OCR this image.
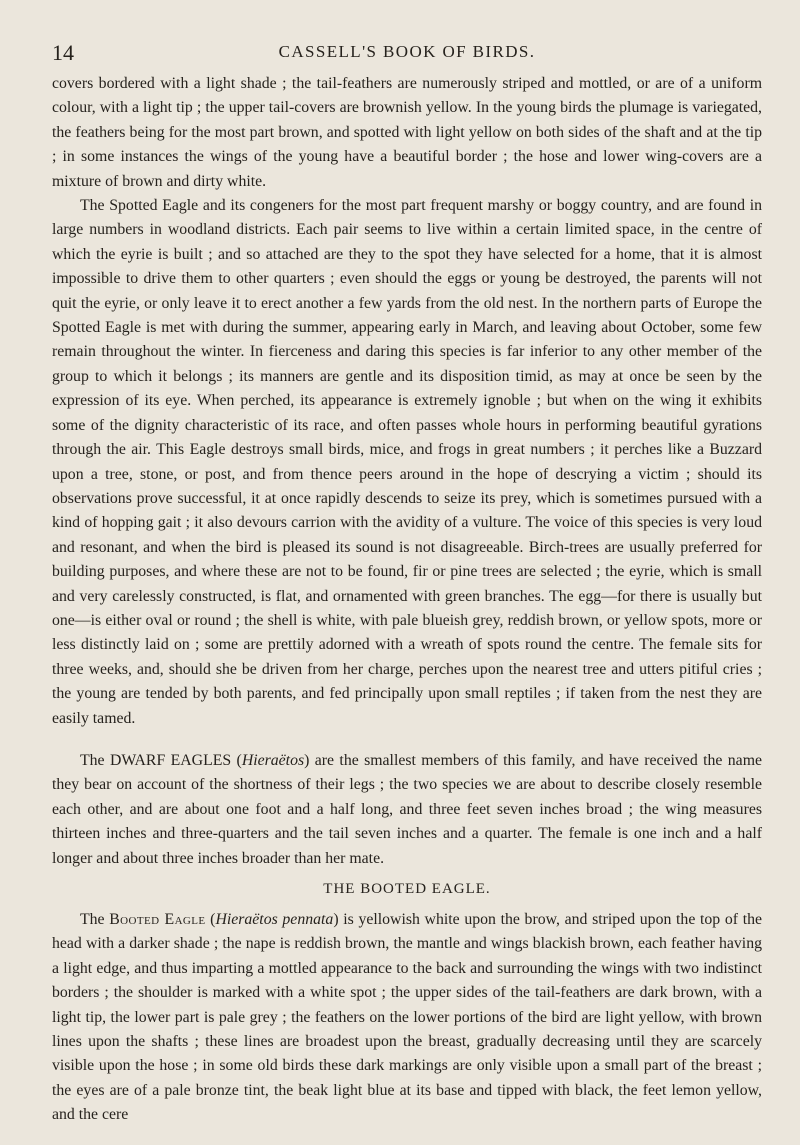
14	CASSELL'S BOOK OF BIRDS.

covers bordered with a light shade ; the tail-feathers are numerously striped and mottled, or are of a uniform colour, with a light tip ; the upper tail-covers are brownish yellow. In the young birds the plumage is variegated, the feathers being for the most part brown, and spotted with light yellow on both sides of the shaft and at the tip ; in some instances the wings of the young have a beautiful border ; the hose and lower wing-covers are a mixture of brown and dirty white.

The Spotted Eagle and its congeners for the most part frequent marshy or boggy country, and are found in large numbers in woodland districts. Each pair seems to live within a certain limited space, in the centre of which the eyrie is built ; and so attached are they to the spot they have selected for a home, that it is almost impossible to drive them to other quarters ; even should the eggs or young be destroyed, the parents will not quit the eyrie, or only leave it to erect another a few yards from the old nest. In the northern parts of Europe the Spotted Eagle is met with during the summer, appearing early in March, and leaving about October, some few remain throughout the winter. In fierceness and daring this species is far inferior to any other member of the group to which it belongs ; its manners are gentle and its disposition timid, as may at once be seen by the expression of its eye. When perched, its appearance is extremely ignoble ; but when on the wing it exhibits some of the dignity characteristic of its race, and often passes whole hours in performing beautiful gyrations through the air. This Eagle destroys small birds, mice, and frogs in great numbers ; it perches like a Buzzard upon a tree, stone, or post, and from thence peers around in the hope of descrying a victim ; should its observations prove successful, it at once rapidly descends to seize its prey, which is sometimes pursued with a kind of hopping gait ; it also devours carrion with the avidity of a vulture. The voice of this species is very loud and resonant, and when the bird is pleased its sound is not disagreeable. Birch-trees are usually preferred for building purposes, and where these are not to be found, fir or pine trees are selected ; the eyrie, which is small and very carelessly constructed, is flat, and ornamented with green branches. The egg—for there is usually but one—is either oval or round ; the shell is white, with pale blueish grey, reddish brown, or yellow spots, more or less distinctly laid on ; some are prettily adorned with a wreath of spots round the centre. The female sits for three weeks, and, should she be driven from her charge, perches upon the nearest tree and utters pitiful cries ; the young are tended by both parents, and fed principally upon small reptiles ; if taken from the nest they are easily tamed.

The DWARF EAGLES (Hieraëtos) are the smallest members of this family, and have received the name they bear on account of the shortness of their legs ; the two species we are about to describe closely resemble each other, and are about one foot and a half long, and three feet seven inches broad ; the wing measures thirteen inches and three-quarters and the tail seven inches and a quarter. The female is one inch and a half longer and about three inches broader than her mate.

THE BOOTED EAGLE.

The Booted Eagle (Hieraëtos pennata) is yellowish white upon the brow, and striped upon the top of the head with a darker shade ; the nape is reddish brown, the mantle and wings blackish brown, each feather having a light edge, and thus imparting a mottled appearance to the back and surrounding the wings with two indistinct borders ; the shoulder is marked with a white spot ; the upper sides of the tail-feathers are dark brown, with a light tip, the lower part is pale grey ; the feathers on the lower portions of the bird are light yellow, with brown lines upon the shafts ; these lines are broadest upon the breast, gradually decreasing until they are scarcely visible upon the hose ; in some old birds these dark markings are only visible upon a small part of the breast ; the eyes are of a pale bronze tint, the beak light blue at its base and tipped with black, the feet lemon yellow, and the cere
